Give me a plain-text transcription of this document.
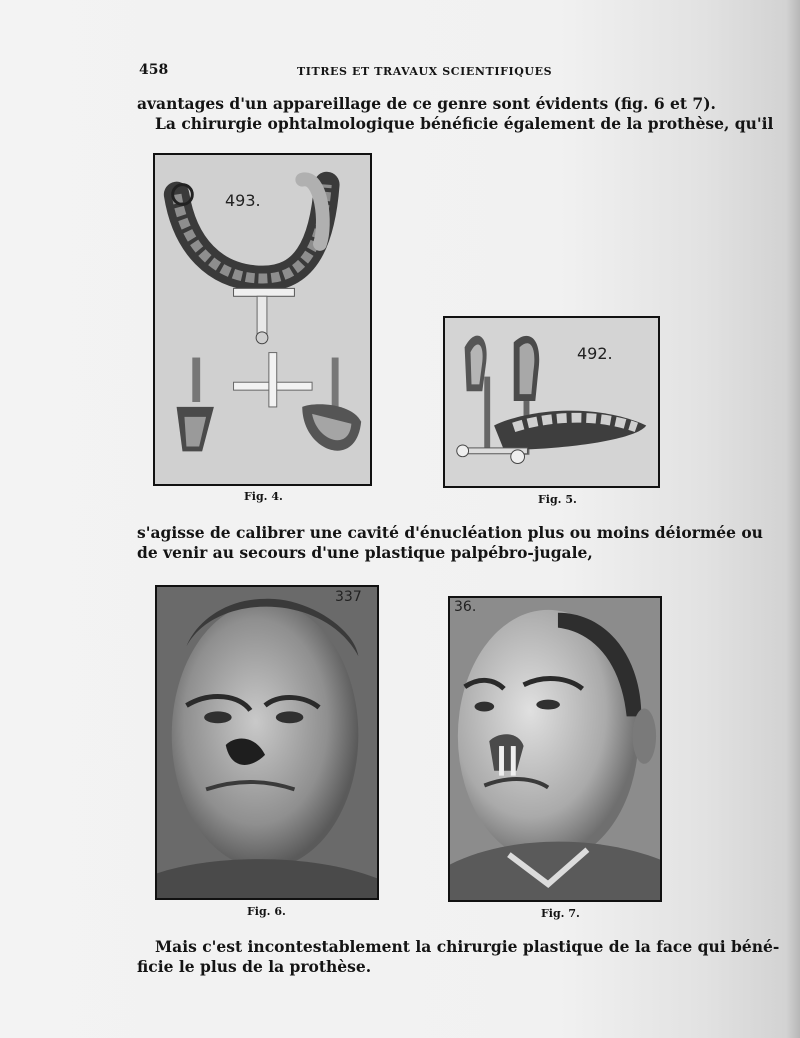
458	TITRES ET TRAVAUX SCIENTIFIQUES

avantages d'un appareillage de ce genre sont évidents (fig. 6 et 7).
La chirurgie ophtalmologique bénéficie également de la prothèse, qu'il

493.
Fig. 4.
492.
Fig. 5.

s'agisse de calibrer une cavité d'énucléation plus ou moins déiormée ou
de venir au secours d'une plastique palpébro-jugale,

337
Fig. 6.
36.
Fig. 7.

Mais c'est incontestablement la chirurgie plastique de la face qui béné-
ficie le plus de la prothèse.
